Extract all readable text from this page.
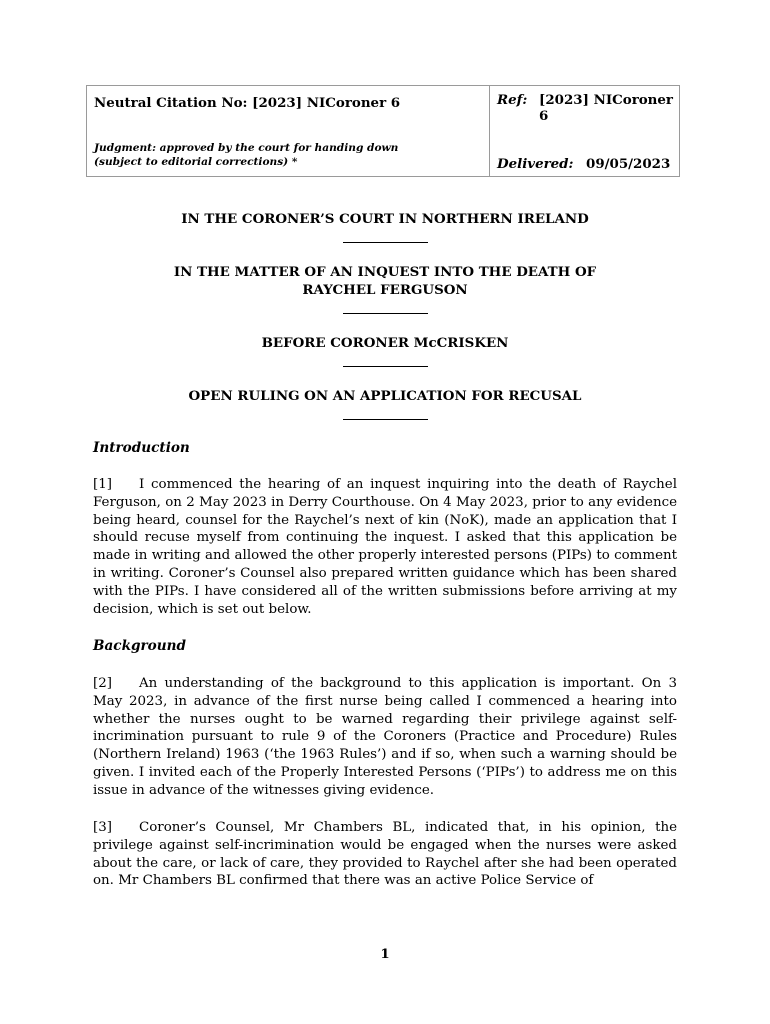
Neutral Citation No: [2023] NICoroner 6
Judgment: approved by the court for handing down (subject to editorial corrections) *
Ref: [2023] NICoroner 6
Delivered: 09/05/2023
IN THE CORONER’S COURT IN NORTHERN IRELAND
IN THE MATTER OF AN INQUEST INTO THE DEATH OF
RAYCHEL FERGUSON
BEFORE CORONER McCRISKEN
OPEN RULING ON AN APPLICATION FOR RECUSAL
Introduction
[1] I commenced the hearing of an inquest inquiring into the death of Raychel Ferguson, on 2 May 2023 in Derry Courthouse. On 4 May 2023, prior to any evidence being heard, counsel for the Raychel’s next of kin (NoK), made an application that I should recuse myself from continuing the inquest. I asked that this application be made in writing and allowed the other properly interested persons (PIPs) to comment in writing. Coroner’s Counsel also prepared written guidance which has been shared with the PIPs. I have considered all of the written submissions before arriving at my decision, which is set out below.
Background
[2] An understanding of the background to this application is important. On 3 May 2023, in advance of the first nurse being called I commenced a hearing into whether the nurses ought to be warned regarding their privilege against self-incrimination pursuant to rule 9 of the Coroners (Practice and Procedure) Rules (Northern Ireland) 1963 (‘the 1963 Rules’) and if so, when such a warning should be given. I invited each of the Properly Interested Persons (‘PIPs’) to address me on this issue in advance of the witnesses giving evidence.
[3] Coroner’s Counsel, Mr Chambers BL, indicated that, in his opinion, the privilege against self-incrimination would be engaged when the nurses were asked about the care, or lack of care, they provided to Raychel after she had been operated on. Mr Chambers BL confirmed that there was an active Police Service of
1
